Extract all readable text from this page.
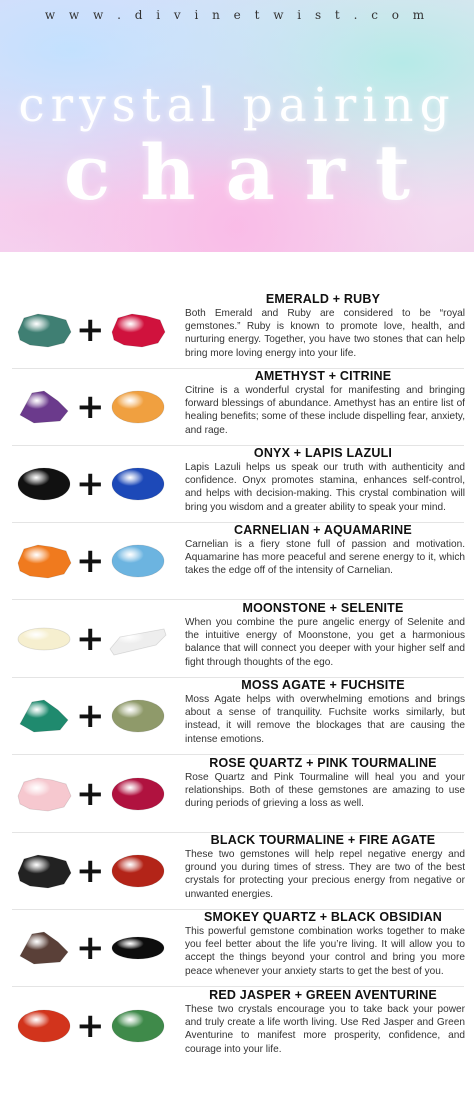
w w w . d i v i n e t w i s t . c o m
crystal pairing
chart
+
EMERALD + RUBY
Both Emerald and Ruby are considered to be “royal gemstones.” Ruby is known to promote love, health, and nurturing energy. Together, you have two stones that can help bring more loving energy into your life.
+
AMETHYST + CITRINE
Citrine is a wonderful crystal for manifesting and bringing forward blessings of abundance. Amethyst has an entire list of healing benefits; some of these include dispelling fear, anxiety, and rage.
+
ONYX + LAPIS LAZULI
Lapis Lazuli helps us speak our truth with authenticity and confidence. Onyx promotes stamina, enhances self-control, and helps with decision-making. This crystal combination will bring you wisdom and a greater ability to speak your mind.
+
CARNELIAN + AQUAMARINE
Carnelian is a fiery stone full of passion and motivation. Aquamarine has more peaceful and serene energy to it, which takes the edge off of the intensity of Carnelian.
+
MOONSTONE + SELENITE
When you combine the pure angelic energy of Selenite and the intuitive energy of Moonstone, you get a harmonious balance that will connect you deeper with your higher self and fight through thoughts of the ego.
+
MOSS AGATE + FUCHSITE
Moss Agate helps with overwhelming emotions and brings about a sense of tranquility. Fuchsite works similarly, but instead, it will remove the blockages that are causing the intense emotions.
+
ROSE QUARTZ + PINK TOURMALINE
Rose Quartz and Pink Tourmaline will heal you and your relationships. Both of these gemstones are amazing to use during periods of grieving a loss as well.
+
BLACK TOURMALINE + FIRE AGATE
These two gemstones will help repel negative energy and ground you during times of stress. They are two of the best crystals for protecting your precious energy from negative or unwanted energies.
+
SMOKEY QUARTZ + BLACK OBSIDIAN
This powerful gemstone combination works together to make you feel better about the life you’re living. It will allow you to accept the things beyond your control and bring you more peace whenever your anxiety starts to get the best of you.
+
RED JASPER + GREEN AVENTURINE
These two crystals encourage you to take back your power and truly create a life worth living. Use Red Jasper and Green Aventurine to manifest more prosperity, confidence, and courage into your life.
